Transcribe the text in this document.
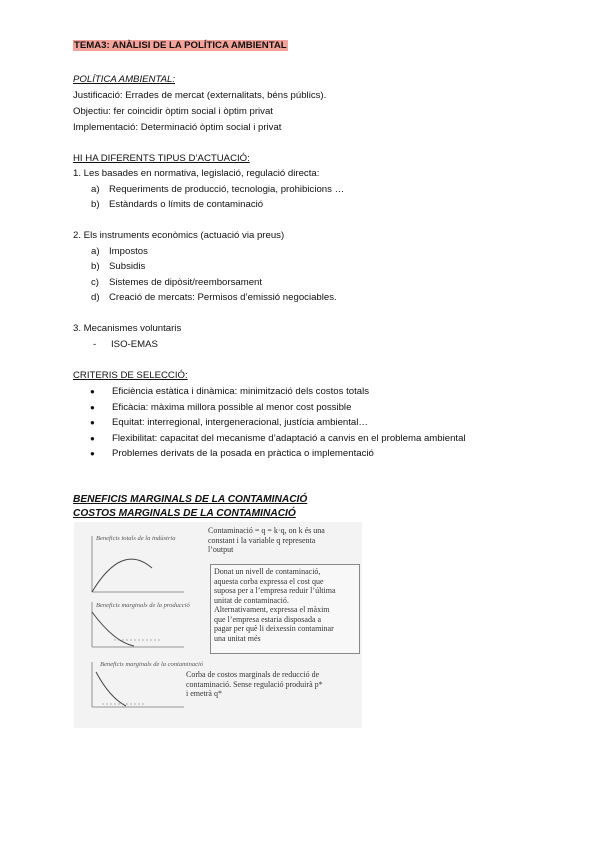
TEMA3: ANÀLISI DE LA POLÍTICA AMBIENTAL
POLÍTICA AMBIENTAL:
Justificació: Errades de mercat (externalitats, béns públics).
Objectiu: fer coincidir òptim social i òptim privat
Implementació: Determinació òptim social i privat
HI HA DIFERENTS TIPUS D’ACTUACIÓ:
1. Les basades en normativa, legislació, regulació directa:
a) Requeriments de producció, tecnologia, prohibicions …
b) Estàndards o límits de contaminació
2. Els instruments econòmics (actuació via preus)
a) Impostos
b) Subsidis
c) Sistemes de dipòsit/reemborsament
d) Creació de mercats: Permisos d’emissió negociables.
3. Mecanismes voluntaris
- ISO-EMAS
CRITERIS DE SELECCIÓ:
● Eficiència estàtica i dinàmica: minimització dels costos totals
● Eficàcia: màxima millora possible al menor cost possible
● Equitat: interregional, intergeneracional, justícia ambiental…
● Flexibilitat: capacitat del mecanisme d’adaptació a canvis en el problema ambiental
● Problemes derivats de la posada en pràctica o implementació
BENEFICIS MARGINALS DE LA CONTAMINACIÓ
COSTOS MARGINALS DE LA CONTAMINACIÓ
Beneficis totals de la indústria
Beneficis marginals de la producció
Beneficis marginals de la contaminació
Contaminació = q = k·q, on k és una
constant i la variable q representa
l’output
Donat un nivell de contaminació,
aquesta corba expressa el cost que
suposa per a l’empresa reduir l’última
unitat de contaminació.
Alternativament, expressa el màxim
que l’empresa estaria disposada a
pagar per què li deixessin contaminar
una unitat més
Corba de costos marginals de reducció de
contaminació. Sense regulació produirà p*
i emetrà q*
